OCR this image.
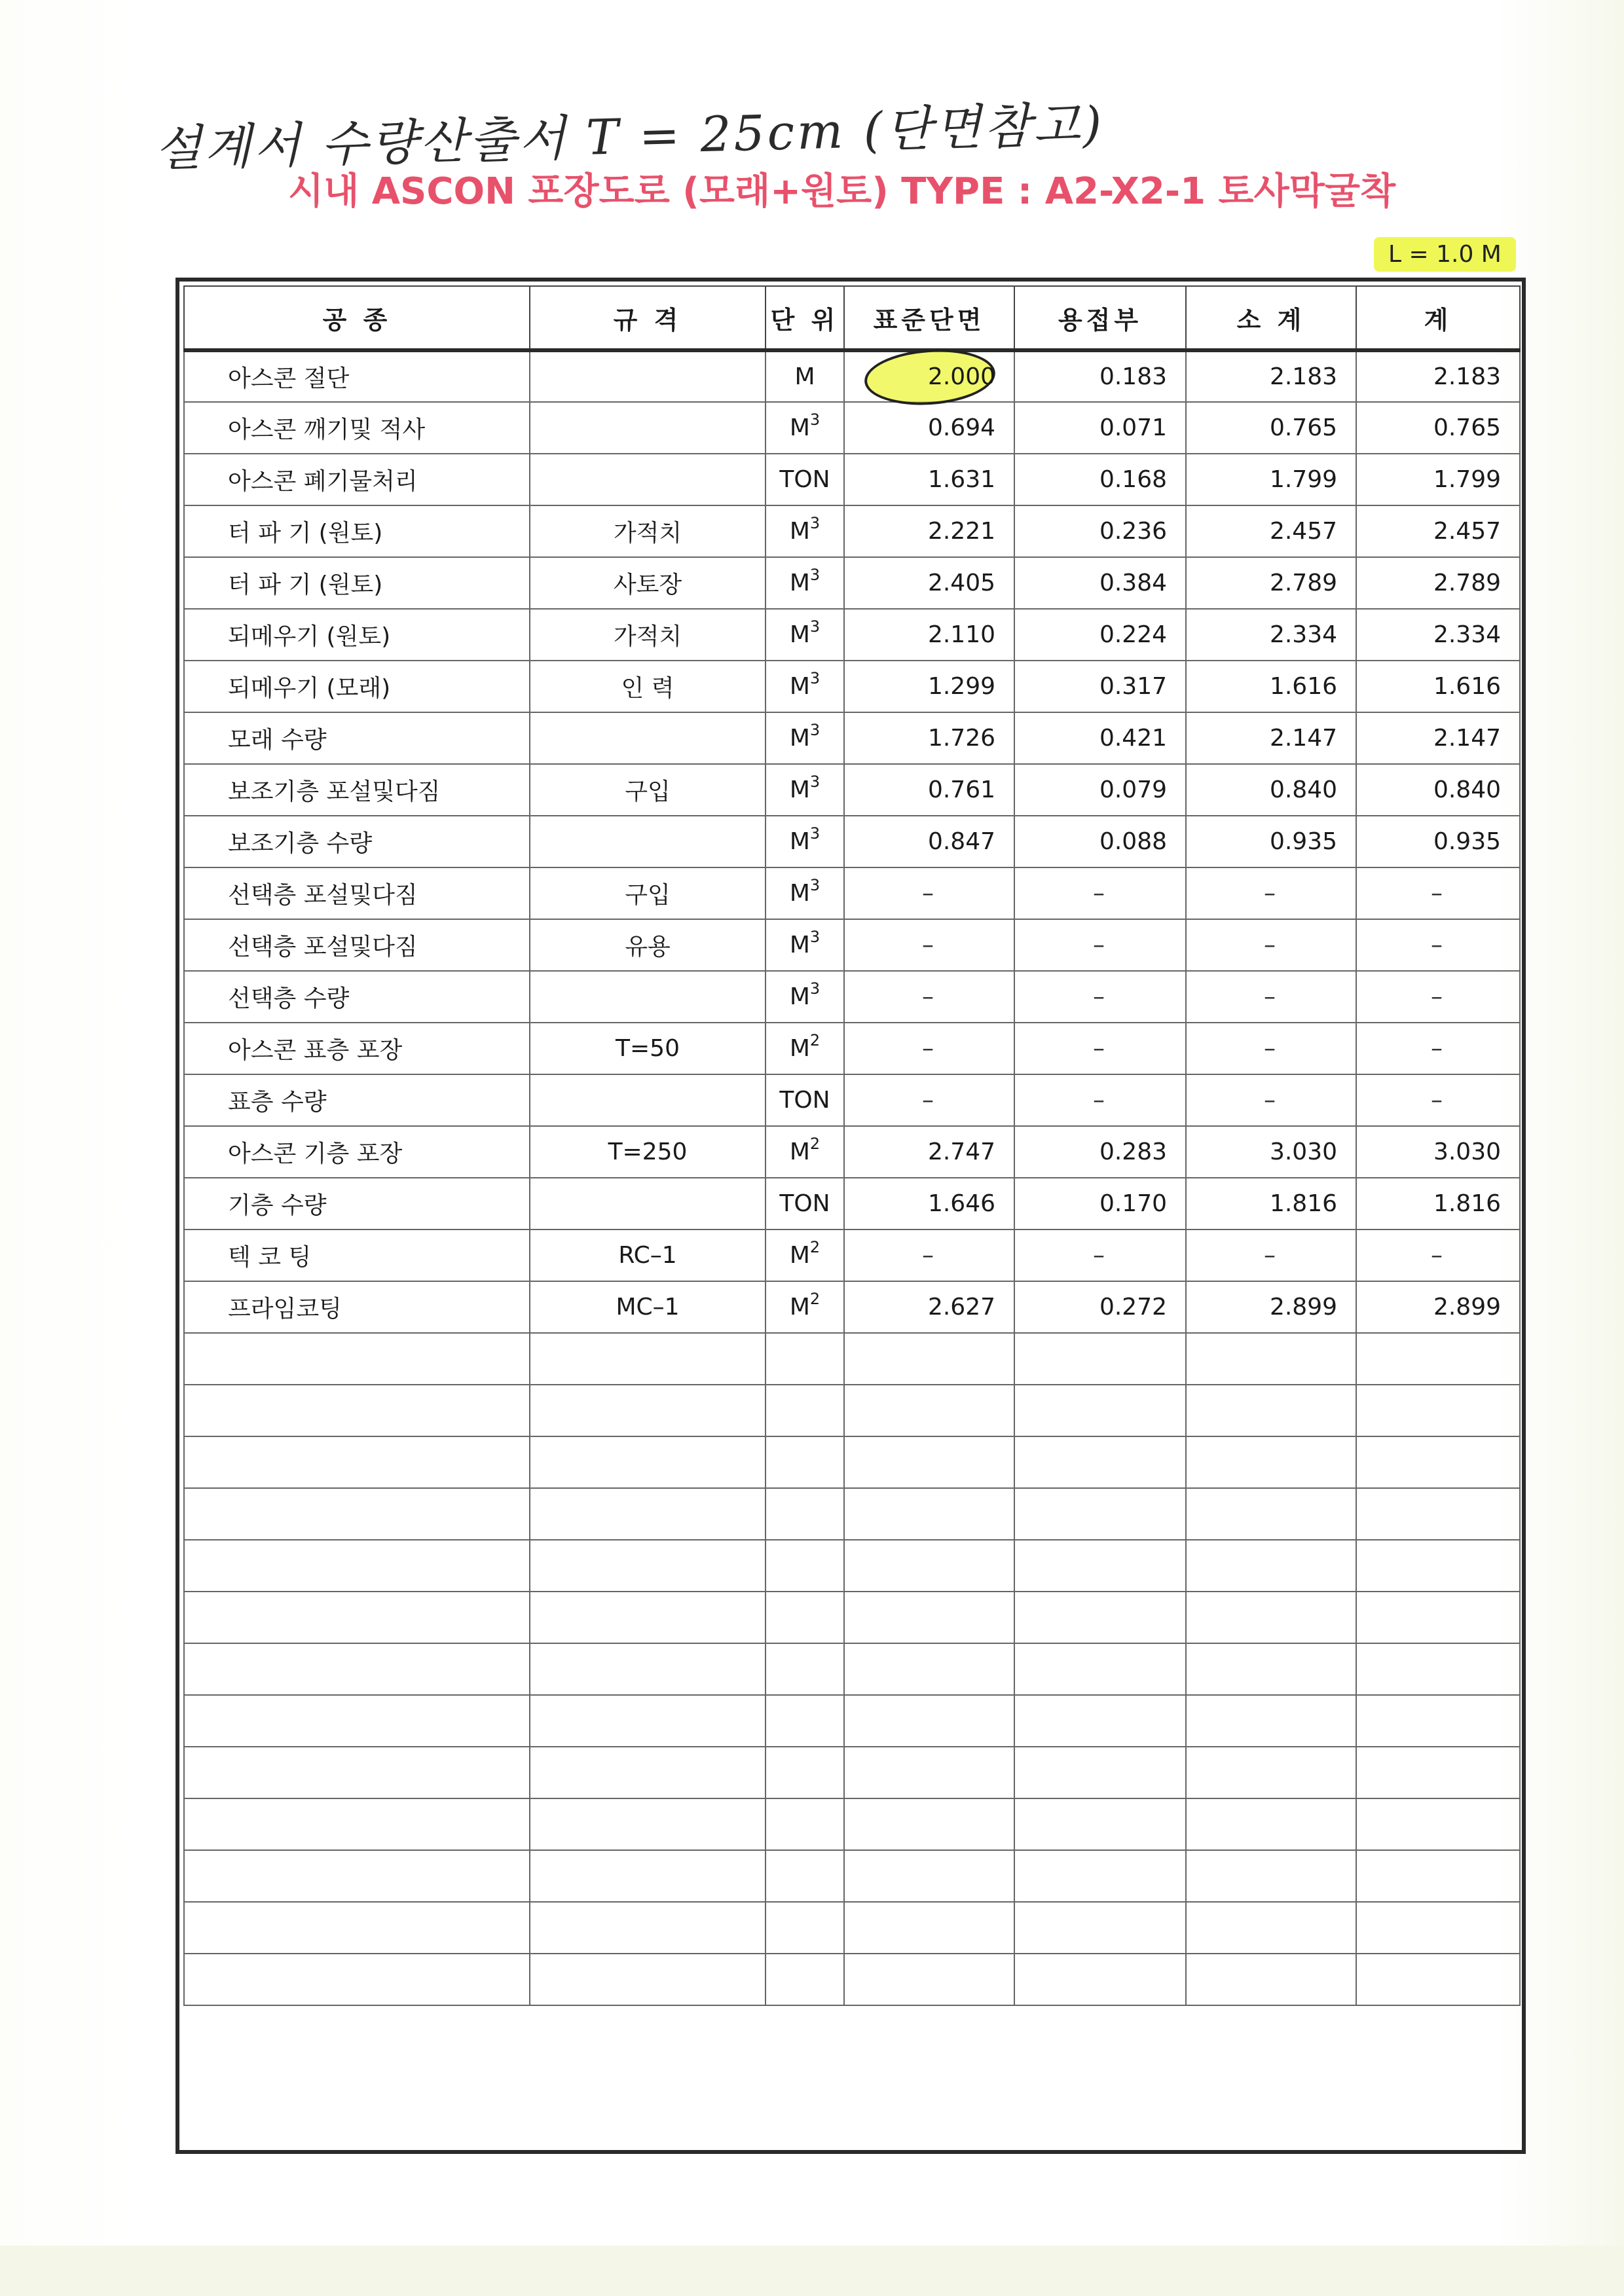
설계서 수량산출서 T = 25cm (단면참고)
시내 ASCON 포장도로 (모래+원토) TYPE : A2-X2-1 토사막굴착
L = 1.0 M
공 종	규 격	단 위	표준단면	용접부	소 계	계
아스콘 절단		M	2.000	0.183	2.183	2.183
아스콘 깨기및 적사		$M^3$	0.694	0.071	0.765	0.765
아스콘 폐기물처리		TON	1.631	0.168	1.799	1.799
터 파 기 (원토)	가적치	$M^3$	2.221	0.236	2.457	2.457
터 파 기 (원토)	사토장	$M^3$	2.405	0.384	2.789	2.789
되메우기 (원토)	가적치	$M^3$	2.110	0.224	2.334	2.334
되메우기 (모래)	인 력	$M^3$	1.299	0.317	1.616	1.616
모래 수량		$M^3$	1.726	0.421	2.147	2.147
보조기층 포설및다짐	구입	$M^3$	0.761	0.079	0.840	0.840
보조기층 수량		$M^3$	0.847	0.088	0.935	0.935
선택층 포설및다짐	구입	$M^3$	–	–	–	–
선택층 포설및다짐	유용	$M^3$	–	–	–	–
선택층 수량		$M^3$	–	–	–	–
아스콘 표층 포장	T=50	$M^2$	–	–	–	–
표층 수량		TON	–	–	–	–
아스콘 기층 포장	T=250	$M^2$	2.747	0.283	3.030	3.030
기층 수량		TON	1.646	0.170	1.816	1.816
텍 코 팅	RC–1	$M^2$	–	–	–	–
프라임코팅	MC–1	$M^2$	2.627	0.272	2.899	2.899
